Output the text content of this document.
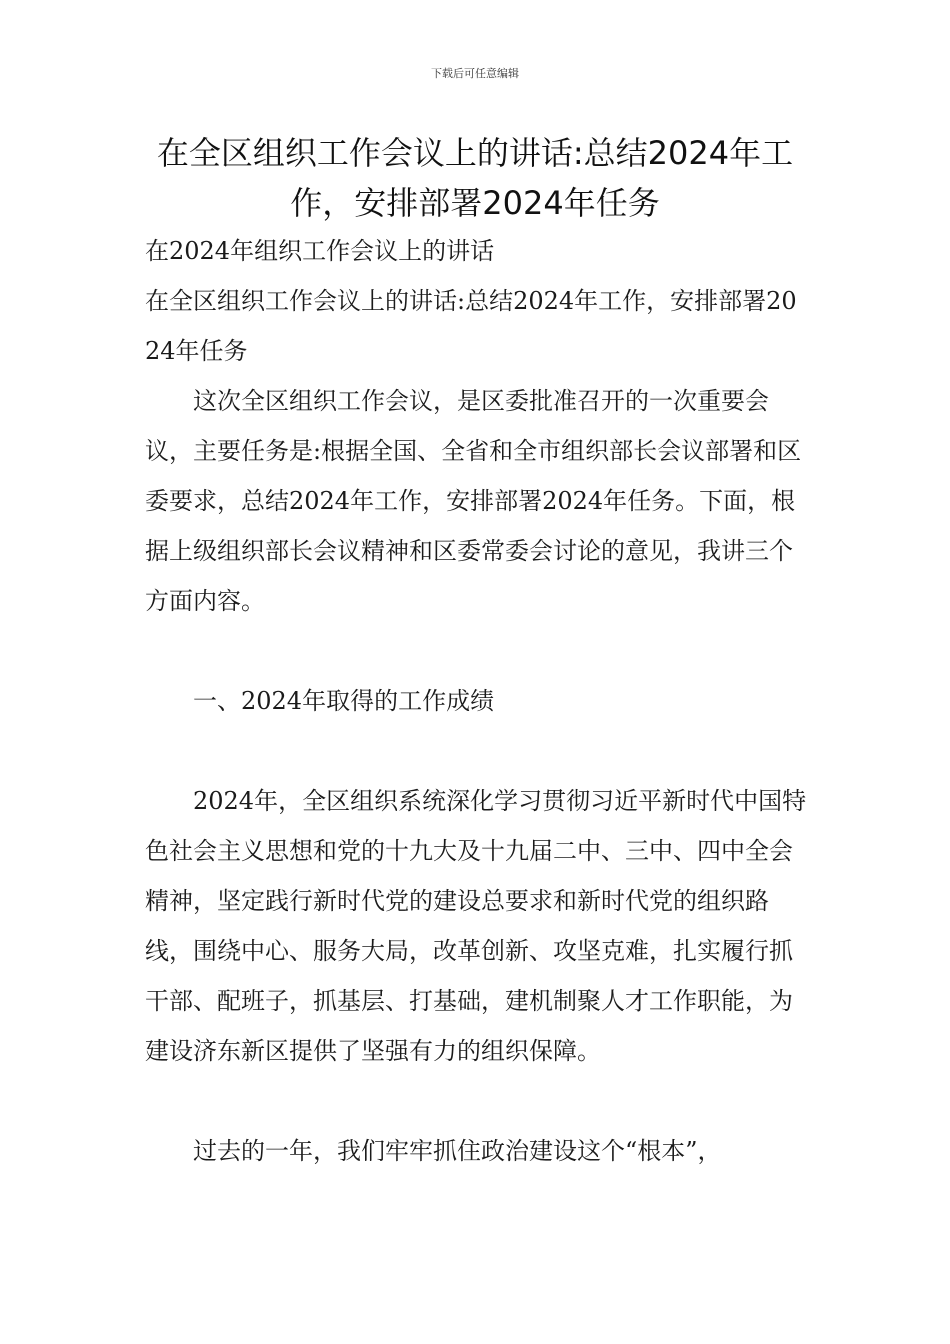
下载后可任意编辑
在全区组织工作会议上的讲话:总结2024年工作，安排部署2024年任务

在2024年组织工作会议上的讲话

在全区组织工作会议上的讲话:总结2024年工作，安排部署2024年任务

这次全区组织工作会议，是区委批准召开的一次重要会议，主要任务是:根据全国、全省和全市组织部长会议部署和区委要求，总结2024年工作，安排部署2024年任务。下面，根据上级组织部长会议精神和区委常委会讨论的意见，我讲三个方面内容。

一、2024年取得的工作成绩

2024年，全区组织系统深化学习贯彻习近平新时代中国特色社会主义思想和党的十九大及十九届二中、三中、四中全会精神，坚定践行新时代党的建设总要求和新时代党的组织路线，围绕中心、服务大局，改革创新、攻坚克难，扎实履行抓干部、配班子，抓基层、打基础，建机制聚人才工作职能，为建设济东新区提供了坚强有力的组织保障。

过去的一年，我们牢牢抓住政治建设这个“根本”，
